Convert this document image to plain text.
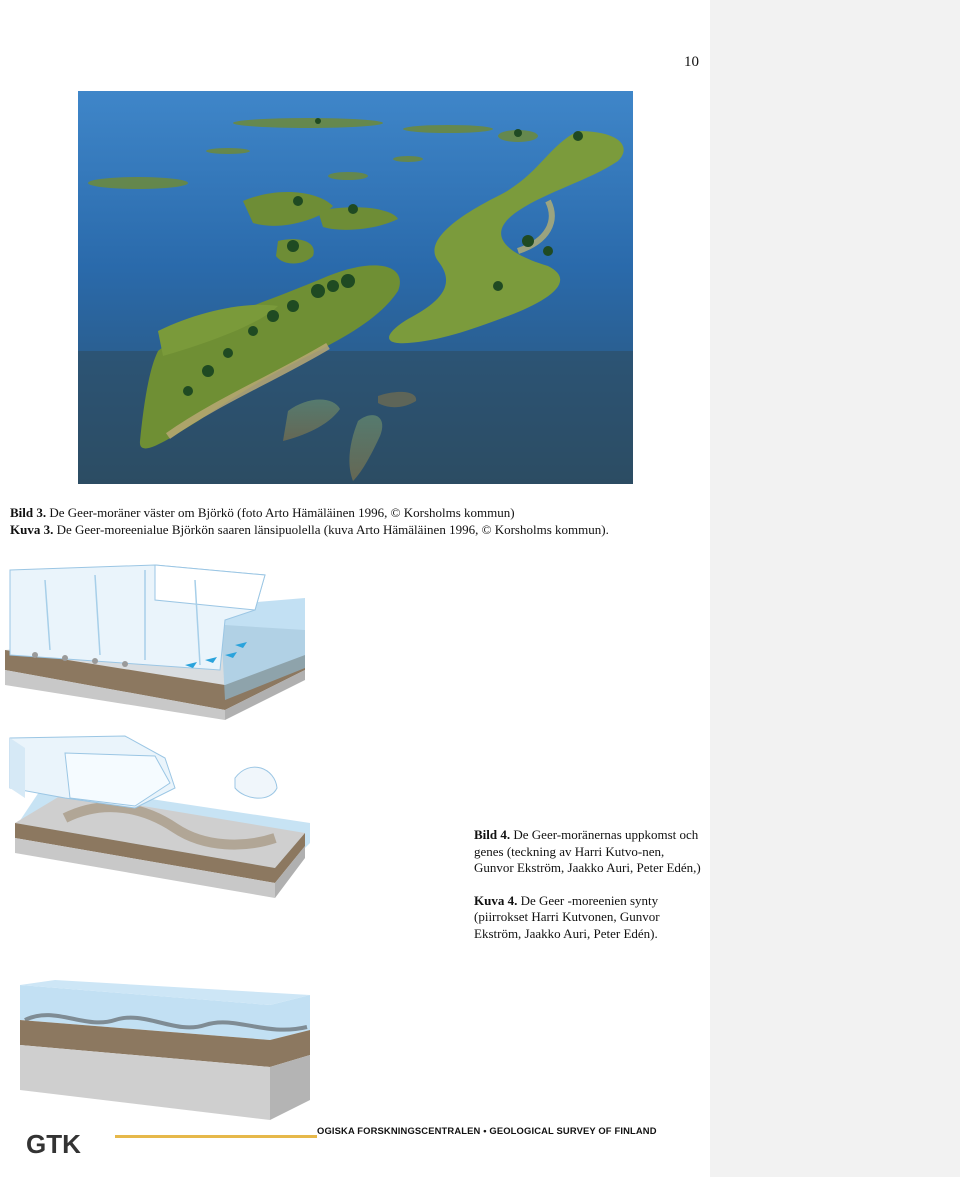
10
Bild 3. De Geer-moräner väster om Björkö (foto Arto Hämäläinen 1996, © Korsholms kommun)
Kuva 3. De Geer-moreenialue Björkön saaren länsipuolella (kuva Arto Hämäläinen 1996, © Korsholms kommun).

Bild 4. De Geer-moränernas uppkomst och genes (teckning av Harri Kutvo-nen, Gunvor Ekström, Jaakko Auri, Peter Edén,)

Kuva 4. De Geer -moreenien synty (piirrokset Harri Kutvonen, Gunvor Ekström, Jaakko Auri, Peter Edén).

GTK	OGISKA FORSKNINGSCENTRALEN • GEOLOGICAL SURVEY OF FINLAND
